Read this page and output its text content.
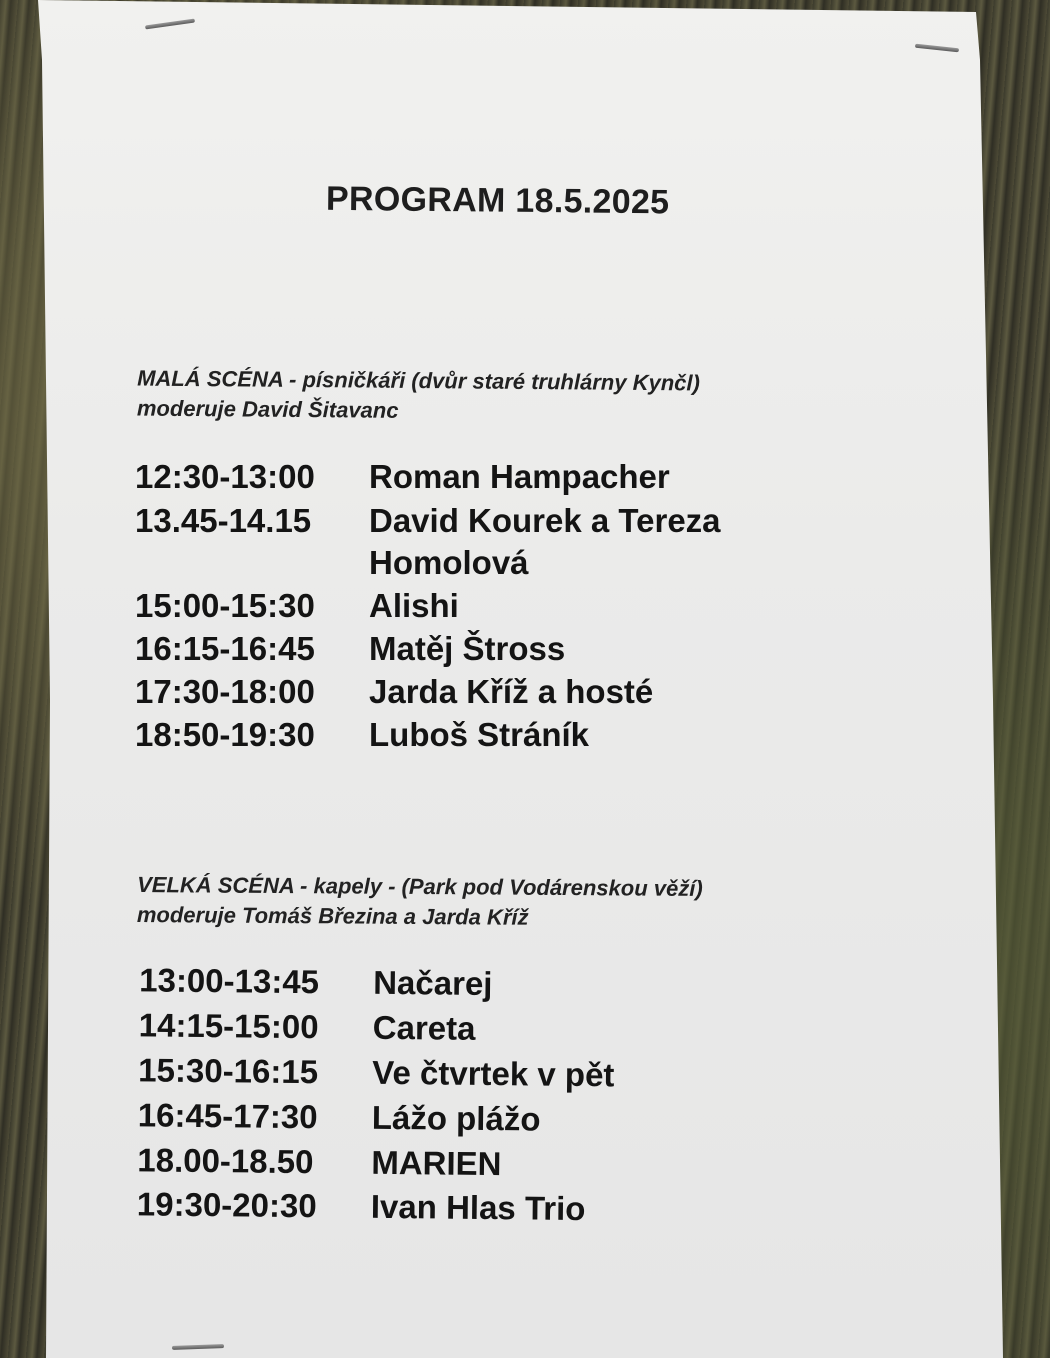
PROGRAM 18.5.2025
MALÁ SCÉNA - písničkáři (dvůr staré truhlárny Kynčl)
moderuje David Šitavanc
12:30-13:00 Roman Hampacher
13.45-14.15 David Kourek a Tereza
Homolová
15:00-15:30 Alishi
16:15-16:45 Matěj Štross
17:30-18:00 Jarda Kříž a hosté
18:50-19:30 Luboš Stráník
VELKÁ SCÉNA - kapely - (Park pod Vodárenskou věží)
moderuje Tomáš Březina a Jarda Kříž
13:00-13:45 Načarej
14:15-15:00 Careta
15:30-16:15 Ve čtvrtek v pět
16:45-17:30 Lážo plážo
18.00-18.50 MARIEN
19:30-20:30 Ivan Hlas Trio
